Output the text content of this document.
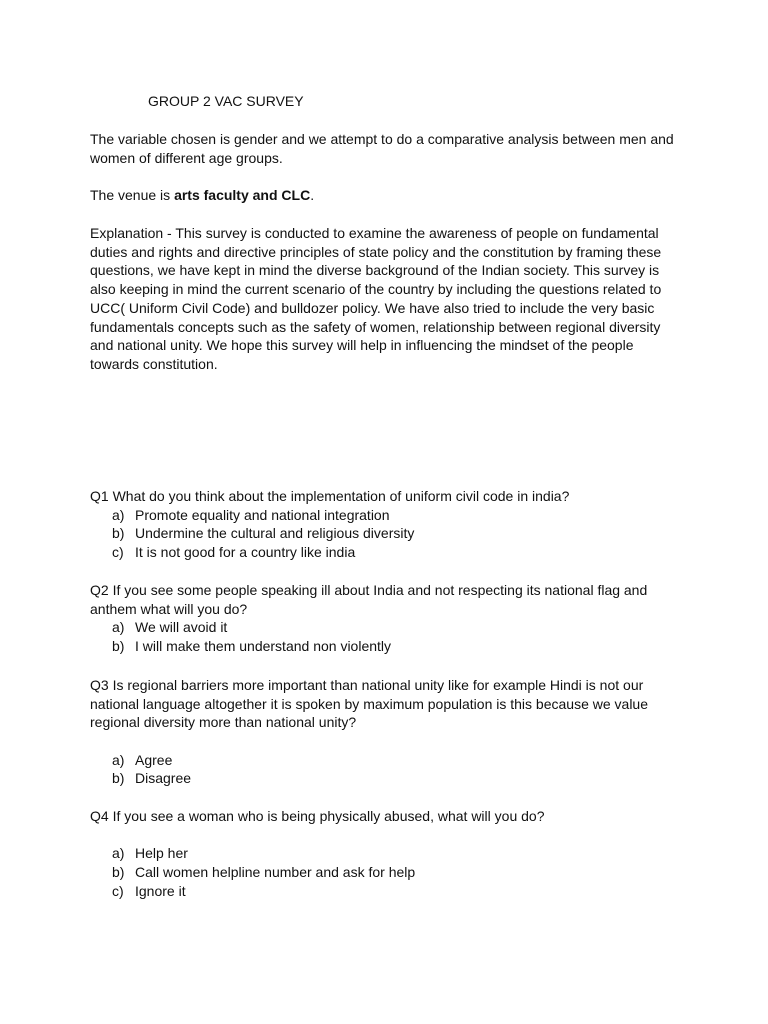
GROUP 2 VAC SURVEY

The variable chosen is gender and we attempt to do a comparative analysis between men and women of different age groups.

The venue is arts faculty and CLC.

Explanation - This survey is conducted to examine the awareness of people on fundamental duties and rights and directive principles of state policy and the constitution by framing these questions, we have kept in mind the diverse background of the Indian society. This survey is also keeping in mind the current scenario of the country by including the questions related to UCC( Uniform Civil Code) and bulldozer policy. We have also tried to include the very basic fundamentals concepts such as the safety of women, relationship between regional diversity and national unity. We hope this survey will help in influencing the mindset of the people towards constitution.

Q1 What do you think about the implementation of uniform civil code in india?

a) Promote equality and national integration
b) Undermine the cultural and religious diversity
c) It is not good for a country like india

Q2 If you see some people speaking ill about India and not respecting its national flag and anthem what will you do?

a) We will avoid it
b) I will make them understand non violently

Q3 Is regional barriers more important than national unity like for example Hindi is not our national language altogether it is spoken by maximum population is this because we value regional diversity more than national unity?

a) Agree
b) Disagree

Q4 If you see a woman who is being physically abused, what will you do?

a) Help her
b) Call women helpline number and ask for help
c) Ignore it
